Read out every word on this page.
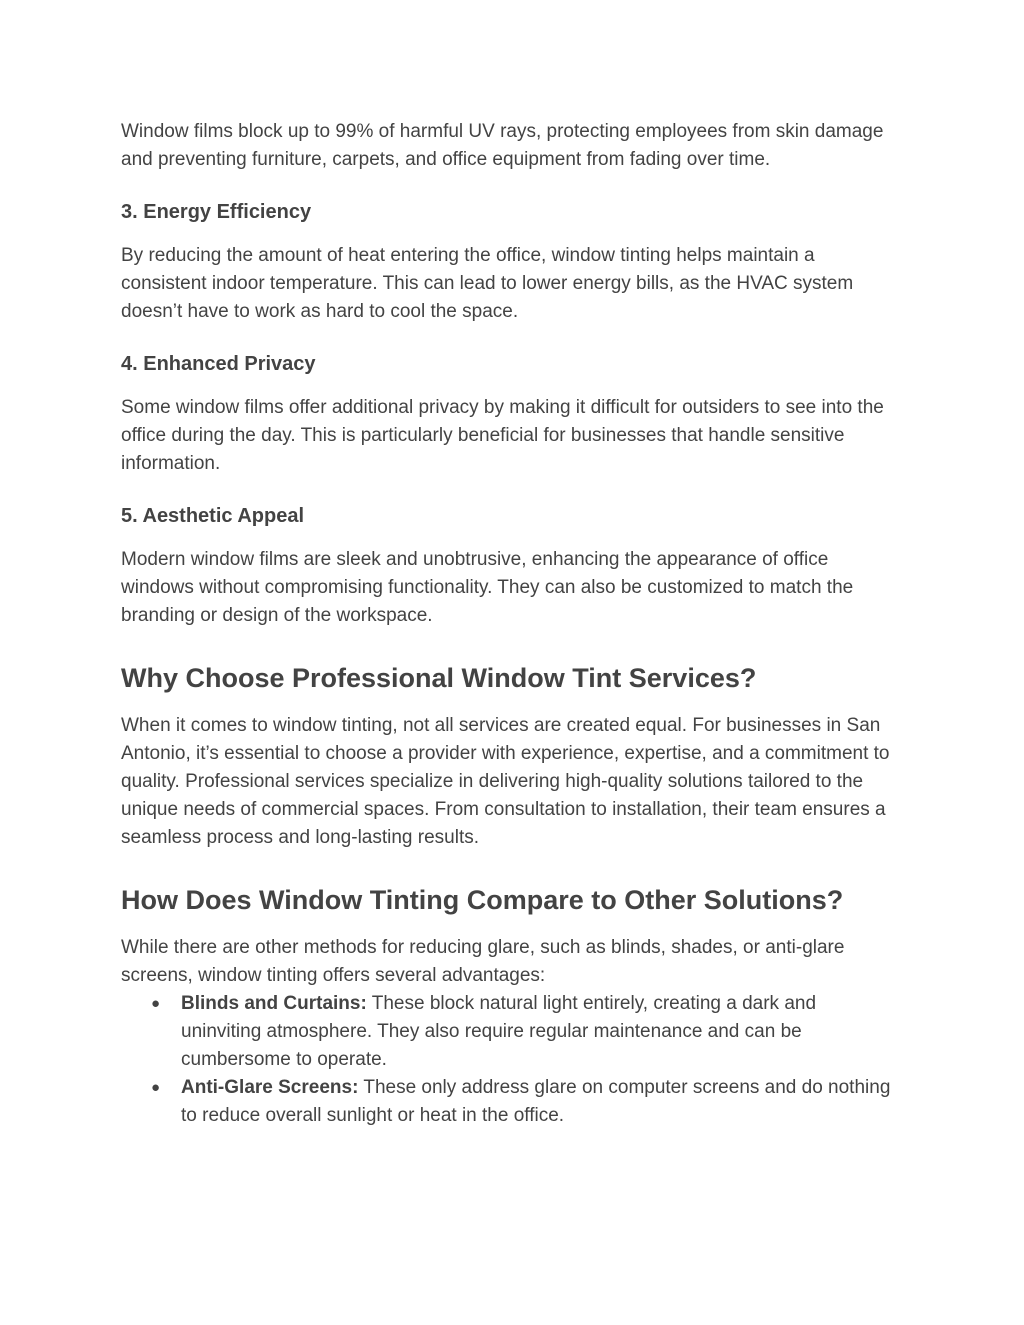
Window films block up to 99% of harmful UV rays, protecting employees from skin damage and preventing furniture, carpets, and office equipment from fading over time.

3. Energy Efficiency

By reducing the amount of heat entering the office, window tinting helps maintain a consistent indoor temperature. This can lead to lower energy bills, as the HVAC system doesn’t have to work as hard to cool the space.

4. Enhanced Privacy

Some window films offer additional privacy by making it difficult for outsiders to see into the office during the day. This is particularly beneficial for businesses that handle sensitive information.

5. Aesthetic Appeal

Modern window films are sleek and unobtrusive, enhancing the appearance of office windows without compromising functionality. They can also be customized to match the branding or design of the workspace.

Why Choose Professional Window Tint Services?

When it comes to window tinting, not all services are created equal. For businesses in San Antonio, it’s essential to choose a provider with experience, expertise, and a commitment to quality. Professional services specialize in delivering high-quality solutions tailored to the unique needs of commercial spaces. From consultation to installation, their team ensures a seamless process and long-lasting results.

How Does Window Tinting Compare to Other Solutions?

While there are other methods for reducing glare, such as blinds, shades, or anti-glare screens, window tinting offers several advantages:

● Blinds and Curtains: These block natural light entirely, creating a dark and uninviting atmosphere. They also require regular maintenance and can be cumbersome to operate.
● Anti-Glare Screens: These only address glare on computer screens and do nothing to reduce overall sunlight or heat in the office.
